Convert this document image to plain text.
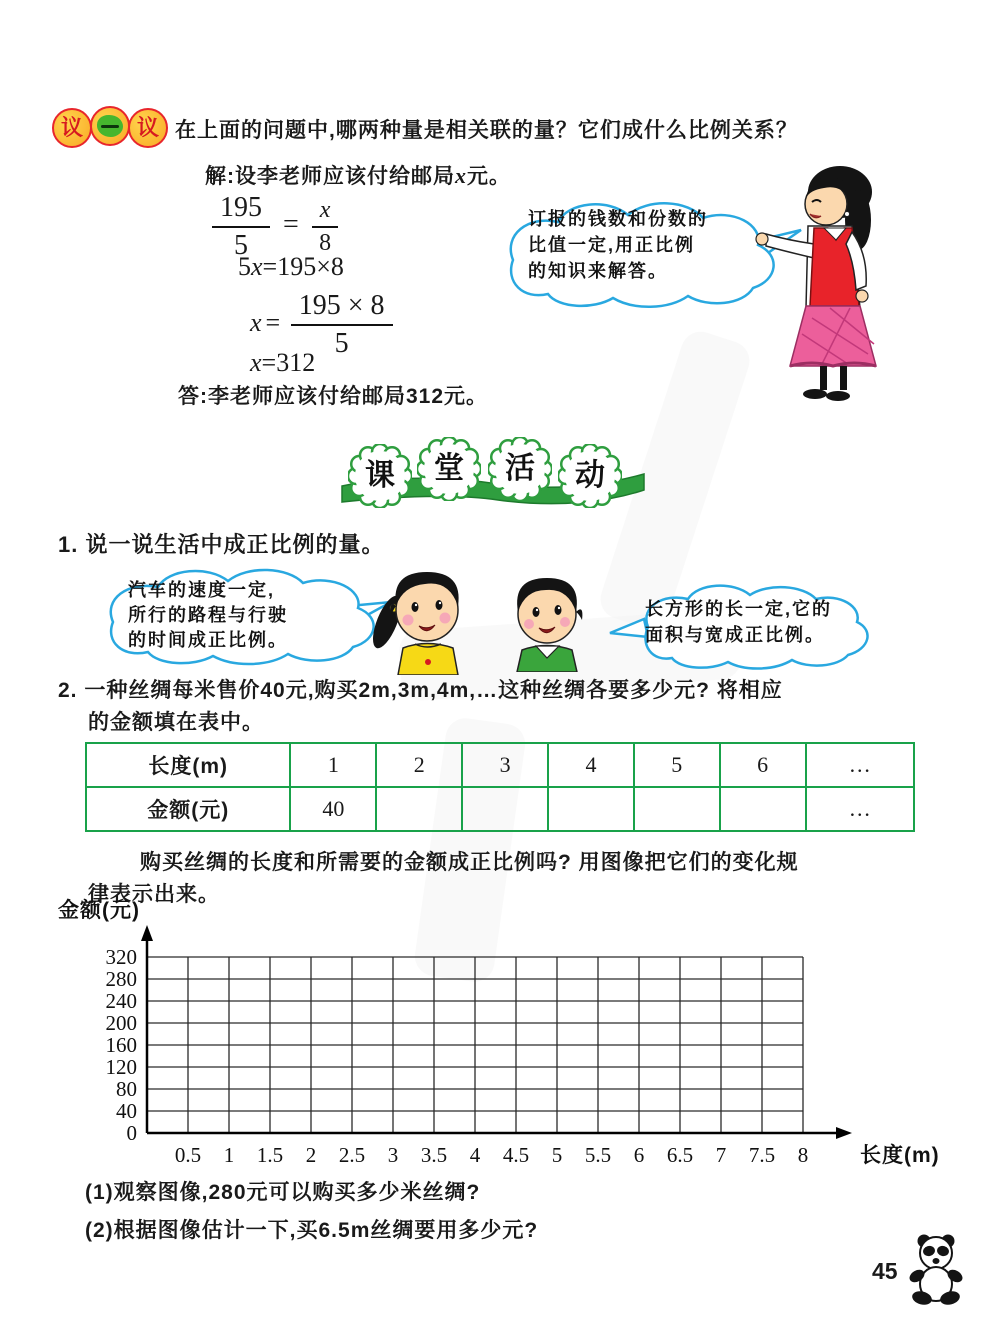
议	议 在上面的问题中,哪两种量是相关联的量？它们成什么比例关系？
解:设李老师应该付给邮局x元。
$\frac{195}{5} = \frac{x}{8}$
5x=195×8
$x = \frac{195 \times 8}{5}$
x=312
答:李老师应该付给邮局312元。
订报的钱数和份数的
比值一定,用正比例
的知识来解答。
课	堂	活	动
1. 说一说生活中成正比例的量。
汽车的速度一定,
所行的路程与行驶
的时间成正比例。
长方形的长一定,它的
面积与宽成正比例。
2. 一种丝绸每米售价40元,购买2m,3m,4m,…这种丝绸各要多少元? 将相应
的金额填在表中。
长度(m)	1	2	3	4	5	6	…
金额(元)	40						…
购买丝绸的长度和所需要的金额成正比例吗? 用图像把它们的变化规
律表示出来。
0
40
80
120
160
200
240
280
320
0.5 1 1.5 2 2.5 3 3.5 4 4.5 5 5.5 6 6.5 7 7.5 8
金额(元)
长度(m)
(1)观察图像,280元可以购买多少米丝绸?
(2)根据图像估计一下,买6.5m丝绸要用多少元?
45
